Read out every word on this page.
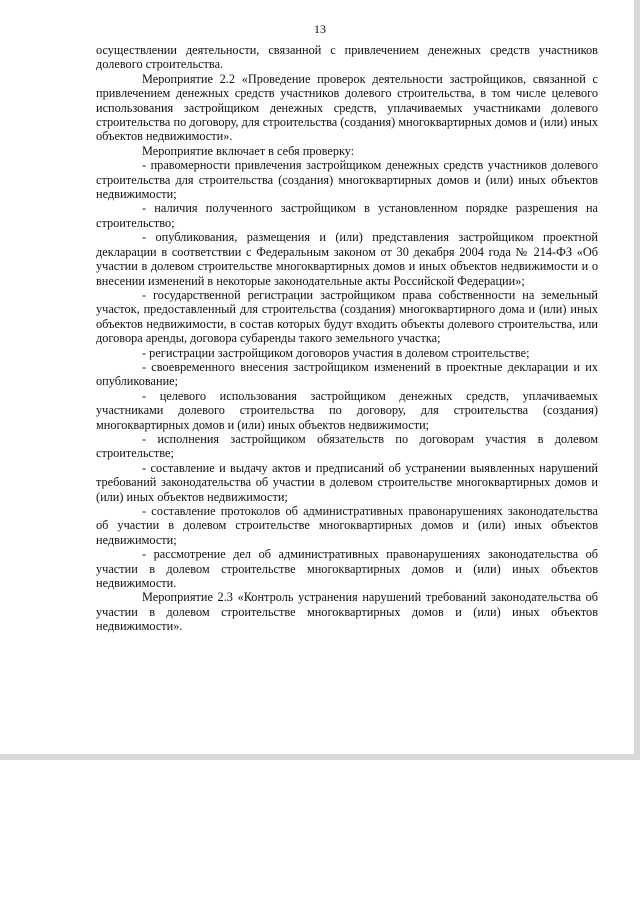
13

осуществлении деятельности, связанной с привлечением денежных средств участников долевого строительства.

Мероприятие 2.2 «Проведение проверок деятельности застройщиков, связанной с привлечением денежных средств участников долевого строительства, в том числе целевого использования застройщиком денежных средств, уплачиваемых участниками долевого строительства по договору, для строительства (создания) многоквартирных домов и (или) иных объектов недвижимости».

Мероприятие включает в себя проверку:

- правомерности привлечения застройщиком денежных средств участников долевого строительства для строительства (создания) многоквартирных домов и (или) иных объектов недвижимости;

- наличия полученного застройщиком в установленном порядке разрешения на строительство;

- опубликования, размещения и (или) представления застройщиком проектной декларации в соответствии с Федеральным законом от 30 декабря 2004 года № 214-ФЗ «Об участии в долевом строительстве многоквартирных домов и иных объектов недвижимости и о внесении изменений в некоторые законодательные акты Российской Федерации»;

- государственной регистрации застройщиком права собственности на земельный участок, предоставленный для строительства (создания) многоквартирного дома и (или) иных объектов недвижимости, в состав которых будут входить объекты долевого строительства, или договора аренды, договора субаренды такого земельного участка;

- регистрации застройщиком договоров участия в долевом строительстве;

- своевременного внесения застройщиком изменений в проектные декларации и их опубликование;

- целевого использования застройщиком денежных средств, уплачиваемых участниками долевого строительства по договору, для строительства (создания) многоквартирных домов и (или) иных объектов недвижимости;

- исполнения застройщиком обязательств по договорам участия в долевом строительстве;

- составление и выдачу актов и предписаний об устранении выявленных нарушений требований законодательства об участии в долевом строительстве многоквартирных домов и (или) иных объектов недвижимости;

- составление протоколов об административных правонарушениях законодательства об участии в долевом строительстве многоквартирных домов и (или) иных объектов недвижимости;

- рассмотрение дел об административных правонарушениях законодательства об участии в долевом строительстве многоквартирных домов и (или) иных объектов недвижимости.

Мероприятие 2.3 «Контроль устранения нарушений требований законодательства об участии в долевом строительстве многоквартирных домов и (или) иных объектов недвижимости».
